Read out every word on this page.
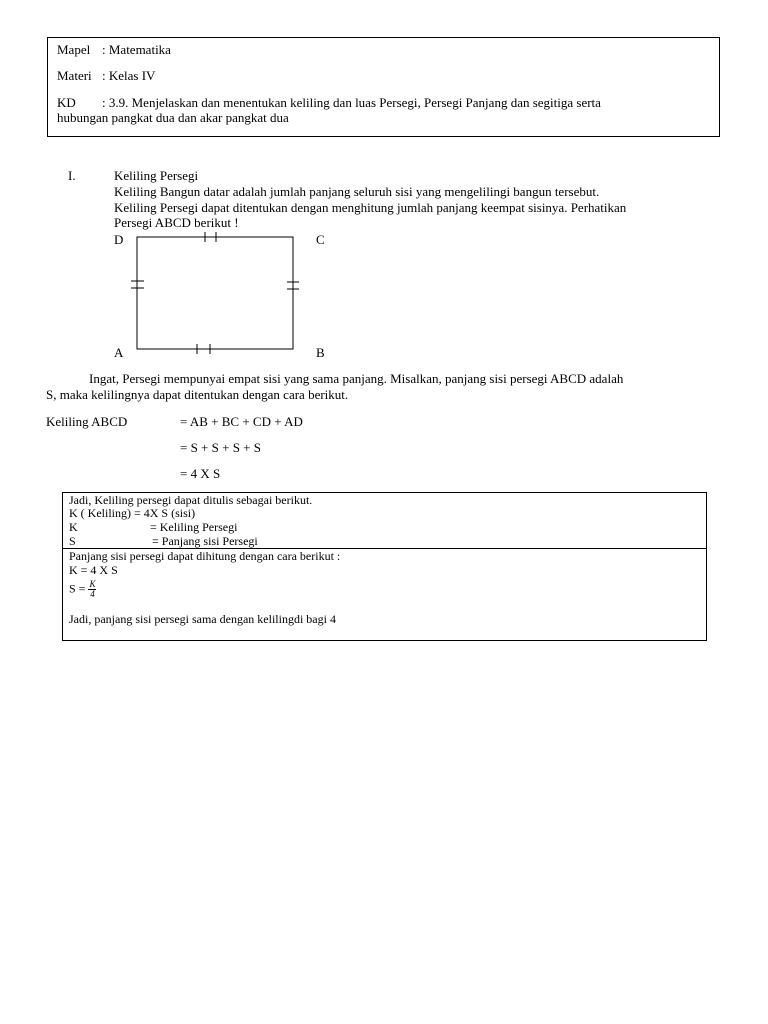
Mapel : Matematika
Materi : Kelas IV
KD : 3.9. Menjelaskan dan menentukan keliling dan luas Persegi, Persegi Panjang dan segitiga serta
hubungan pangkat dua dan akar pangkat dua
I.	Keliling Persegi
Keliling Bangun datar adalah jumlah panjang seluruh sisi yang mengelilingi bangun tersebut.
Keliling Persegi dapat ditentukan dengan menghitung jumlah panjang keempat sisinya. Perhatikan
Persegi ABCD berikut !
D	C
A	B
Ingat, Persegi mempunyai empat sisi yang sama panjang. Misalkan, panjang sisi persegi ABCD adalah
S, maka kelilingnya dapat ditentukan dengan cara berikut.
Keliling ABCD	= AB + BC + CD + AD
= S + S + S + S
= 4 X S
Jadi, Keliling persegi dapat ditulis sebagai berikut.
K ( Keliling) = 4X S (sisi)
K	= Keliling Persegi
S	= Panjang sisi Persegi
Panjang sisi persegi dapat dihitung dengan cara berikut :
K = 4 X S
$S = \frac{K}{4}$
Jadi, panjang sisi persegi sama dengan kelilingdi bagi 4
